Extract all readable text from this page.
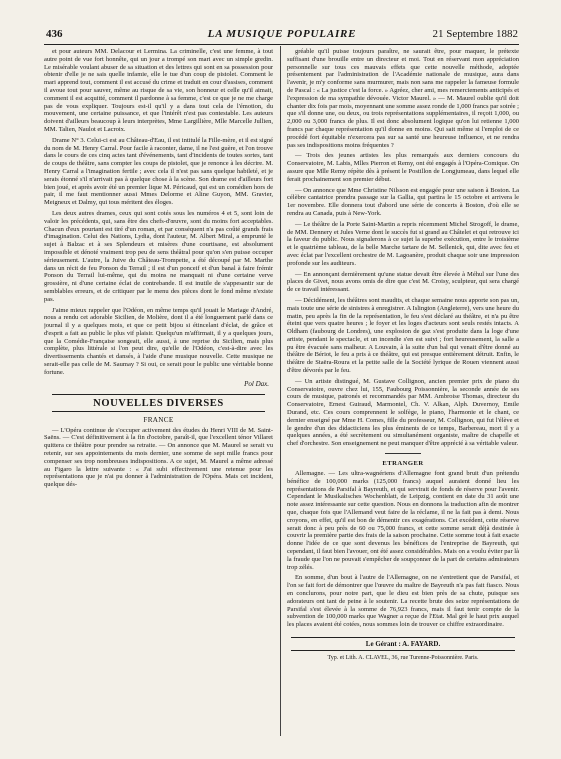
436	LA MUSIQUE POPULAIRE	21 Septembre 1882

et pour auteurs MM. Delacour et Lermina. La criminelle, c'est une femme, à tout autre point de vue fort honnête, qui un jour a trompé son mari avec un simple gredin. Le misérable voulant abuser de sa situation et des lettres qui sont en sa possession pour obtenir d'elle je ne sais quelle infamie, elle le tue d'un coup de pistolet. Comment le mari apprend tout, comment il est accusé du crime et traduit en cour d'assises, comment il avoue tout pour sauver, même au risque de sa vie, son honneur et celle qu'il aimait, comment il est acquitté, comment il pardonne à sa femme, c'est ce que je ne me charge pas de vous expliquer. Toujours est-il qu'il y a dans tout cela de l'émotion, du mouvement, une certaine puissance, et que l'intérêt n'est pas contestable. Les auteurs doivent d'ailleurs beaucoup à leurs interprètes, Mme Largillière, Mlle Marcelle Jullien, MM. Talien, Naulot et Lacroix.

Drame N° 3. Celui-ci est au Château-d'Eau, il est intitulé la Fille-mère, et il est signé du nom de M. Henry Carral. Pour facile à raconter, dame, il ne l'est guère, et l'on trouve dans le cours de ces cinq actes tant d'événements, tant d'incidents de toutes sortes, tant de coups de théâtre, sans compter les coups de pistolet, que je renonce à les décrire. M. Henry Carral a l'imagination fertile ; avec cela il n'est pas sans quelque habileté, et je serais étonné s'il n'arrivait pas à quelque chose à la scène. Son drame est d'ailleurs fort bien joué, et après avoir été un premier lique M. Péricaud, qui est un comédien hors de pair, il me faut mentionner aussi Mmes Delorme et Aline Guyon, MM. Gravier, Meigneux et Dalmy, qui tous méritent des éloges.

Les deux autres drames, ceux qui sont cotés sous les numéros 4 et 5, sont loin de valoir les précédents, qui, sans être des chefs-d'œuvre, sont du moins fort acceptables. Chacun d'eux pourtant est tiré d'un roman, et par conséquent n'a pas coûté grands frais d'imagination. Celui des Nations, Lydia, dont l'auteur, M. Albert Miral, a emprunté le sujet à Balzac et à ses Splendeurs et misères d'une courtisane, est absolument impossible et dénoté vraiment trop peu de sens théâtral pour qu'on s'en puisse occuper sérieusement. L'autre, la Juive du Château-Trompette, a été découpé par M. Marthe dans un récit de feu Ponson du Terrail ; il est d'un ponceif et d'un banal à faire frémir Ponson du Terrail lui-même, qui du moins ne manquait ni d'une certaine verve grossière, ni d'une certaine éclat de contrebande. Il est inutile de s'appesantir sur de semblables erreurs, et de critiquer par le menu des pièces dont le fond même n'existe pas.

J'aime mieux rappeler que l'Odéon, en même temps qu'il jouait le Mariage d'André, nous a rendu cet adorable Sicilien, de Molière, dont il a été longuement parlé dans ce journal il y a quelques mois, et que ce petit bijou si étincelant d'éclat, de grâce et d'esprit a fait au public le plus vif plaisir. Quelqu'un m'affirmait, il y a quelques jours, que la Comédie-Française songeait, elle aussi, à une reprise du Sicilien, mais plus complète, plus littérale si l'on peut dire, qu'elle de l'Odéon, c'est-à-dire avec les divertissements chantés et dansés, à l'aide d'une musique nouvelle. Cette musique ne serait-elle pas celle de M. Saumay ? Si oui, ce serait pour le public une véritable bonne fortune.

Pol Dax.
NOUVELLES DIVERSES
FRANCE

— L'Opéra continue de s'occuper activement des études du Henri VIII de M. Saint-Saëns. — C'est définitivement à la fin d'octobre, paraît-il, que l'excellent ténor Villaret quittera ce théâtre pour prendre sa retraite. — On annonce que M. Maurel se serait vu retenir, sur ses appointements du mois dernier, une somme de sept mille francs pour compenser ses trop nombreuses indispositions. A ce sujet, M. Maurel a même adressé au Figaro la lettre suivante : « J'ai subi effectivement une retenue pour les représentations que je n'ai pu donner à l'administration de l'Opéra. Mais cet incident, quelque dés-

gréable qu'il puisse toujours paraître, ne saurait être, pour maquer, le prétexte suffisant d'une brouille entre un directeur et moi. Tout en réservant mon appréciation personnelle sur tous ces mauvais effets que cette nouvelle méthode, adoptée présentement par l'administration de l'Académie nationale de musique, aura dans l'avenir, je m'y conforme sans murmurer, mais non sans me rappeler la fameuse formule de Pascal : « La justice c'est la force. » Agréez, cher ami, mes remerciements anticipés et l'expression de ma sympathie dévouée. Victor Maurel. » — M. Maurel oublie qu'il doit chanter dix fois par mois, moyennant une somme assez ronde de 1,000 francs par soirée ; que s'il donne une, ou deux, ou trois représentations supplémentaires, il reçoit 1,000, ou 2,000 ou 3,000 francs de plus. Il est donc absolument logique qu'on lui retienne 1,000 francs par chaque représentation qu'il donne en moins. Qui sait même si l'emploi de ce procédé fort équitable n'exercera pas sur sa santé une heureuse influence, et ne rendra pas ses indispositions moins fréquentes ?

— Trois des jeunes artistes les plus remarqués aux derniers concours du Conservatoire, M. Labis, Mlles Pierron et Remy, ont été engagés à l'Opéra-Comique. On assure que Mlle Remy répète dès à présent le Postillon de Longjumeau, dans lequel elle ferait prochainement son premier début.

— On annonce que Mme Christine Nilsson est engagée pour une saison à Boston. La célèbre cantatrice prendra passage sur la Gallia, qui partira le 15 octobre et arrivera le 1er novembre. Elle donnera tout d'abord une série de concerts à Boston, d'où elle se rendra au Canada, puis à New-York.

— Le théâtre de la Porte Saint-Martin a repris récemment Michel Strogoff, le drame, de MM. Dennery et Jules Verne dont le succès fut si grand au Châtelet et qui retrouve ici la faveur du public. Nous signalerons à ce sujet la superbe exécution, entre le troisième et le quatrième tableau, de la belle Marche tartare de M. Sellenick, qui, dite avec feu et avec éclat par l'excellent orchestre de M. Lagoanère, produit chaque soir une impression profonde sur les auditeurs.

— En annonçant dernièrement qu'une statue devait être élevée à Méhul sur l'une des places de Givet, nous avons omis de dire que c'est M. Croisy, sculpteur, qui sera chargé de ce travail intéressant.

— Décidément, les théâtres sont maudits, et chaque semaine nous apporte son pas un, mais toute une série de sinistres à enregistrer. A Islington (Angleterre), vers une heure du matin, peu après la fin de la représentation, le feu s'est déclaré au théâtre, et n'a pu être éteint que vers quatre heures ; le foyer et les loges d'acteurs sont seuls restés intacts. A Oldham (faubourg de Londres), une explosion de gaz s'est produite dans la loge d'une artiste, pendant le spectacle, et un incendie s'en est suivi ; fort heureusement, la salle a pu être évacuée sans malheur. A Louvain, à la suite d'un bal qui venait d'être donné au théâtre de Bériot, le feu a pris à ce théâtre, qui est presque entièrement détruit. Enfin, le théâtre de Staëra-Roura et la petite salle de la Société lyrique de Rouen viennent aussi d'être dévorés par le feu.

— Un artiste distingué, M. Gustave Collignon, ancien premier prix de piano du Conservatoire, ouvre chez lui, 155, Faubourg Poissonnière, la seconde année de ses cours de musique, patronés et recommandés par MM. Ambroise Thomas, directeur du Conservatoire, Ernest Guiraud, Marmontel, Ch. V. Alkan, Alph. Duvernoy, Emile Durand, etc. Ces cours comprennent le solfège, le piano, l'harmonie et le chant, ce dernier enseigné par Mme H. Comes, fille du professeur, M. Collignon, qui fut l'élève et le gendre d'un des didacticiens les plus éminents de ce temps, Barbereau, mort il y a quelques années, a été secrètement ou simultanément organiste, maître de chapelle et chef d'orchestre. Son enseignement ne peut manquer d'être apprécié à sa véritable valeur.

ETRANGER

Allemagne. — Les ultra-wagnériens d'Allemagne font grand bruit d'un prétendu bénéfice de 100,000 marks (125,000 francs) auquel auraient donné lieu les représentations de Parsifal à Bayreuth, et qui servirait de fonds de réserve pour l'avenir. Cependant le Musikalisches Wochenblatt, de Leipzig, contient en date du 31 août une note assez intéressante sur cette question. Nous en donnons la traduction afin de montrer que, chaque fois que l'Allemand veut faire de la réclame, il ne la fait pas à demi. Nous croyons, en effet, qu'il est bon de démentir ces exagérations. Cet excédent, cette réserve serait donc à peu près de 60 ou 75,000 francs, et cette somme serait déjà destinée à couvrir la première partie des frais de la saison prochaine. Cette somme tout à fait exacte donne l'idée de ce que sont devenus les bénéfices de l'entreprise de Bayreuth, qui cependant, il faut bien l'avouer, ont été assez considérables. Mais on a voulu éviter par là la fraude que l'on ne pouvait s'empêcher de soupçonner de la part de certains admirateurs trop zélés.

En somme, d'un bout à l'autre de l'Allemagne, on ne s'entretient que de Parsifal, et l'on se fait fort de démontrer que l'œuvre du maître de Bayreuth n'a pas fait fiasco. Nous en conclurons, pour notre part, que le dieu est bien près de sa chute, puisque ses adorateurs ont tant de peine à le soutenir. La recette brute des seize représentations de Parsifal s'est élevée à la somme de 76,923 francs, mais il faut tenir compte de la subvention de 100,000 marks que Wagner a reçue de l'Etat. Mal grè le haut prix auquel les places avaient été cotées, nous sommes loin de trouver ce chiffre extraordinaire.

Le Gérant : A. FAYARD.
Typ. et Lith. A. CLAVEL, 36, rue Turenne-Poissonnière. Paris.
